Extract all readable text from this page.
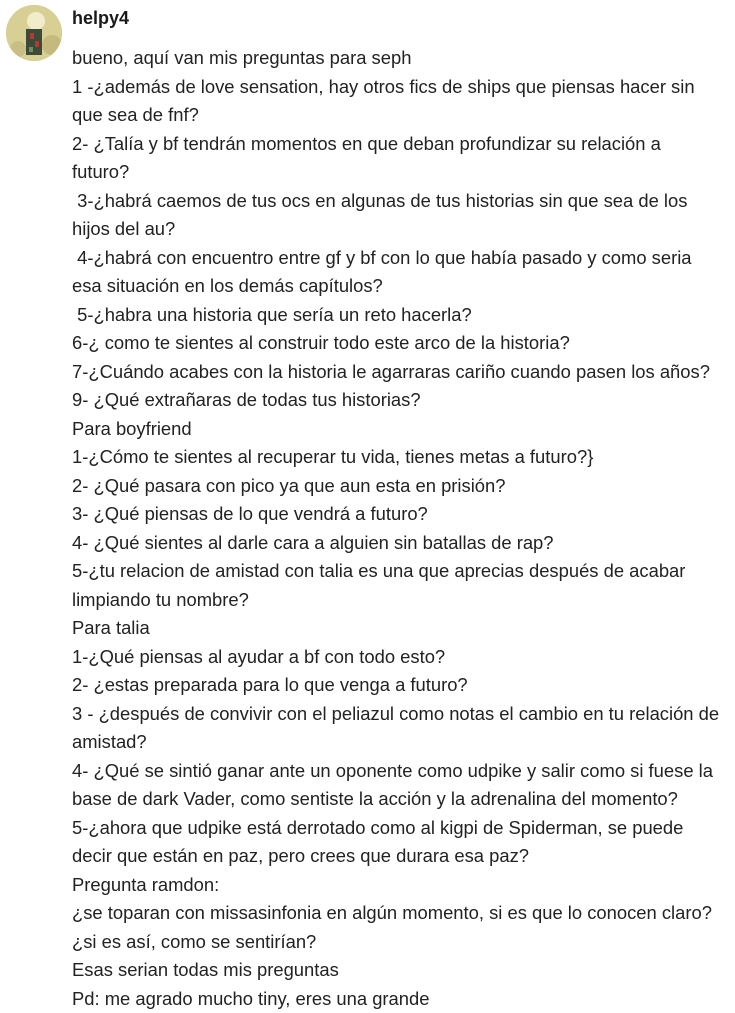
helpy4
bueno, aquí van mis preguntas para seph
1 -¿además de love sensation, hay otros fics de ships que piensas hacer sin
que sea de fnf?
2- ¿Talía y bf tendrán momentos en que deban profundizar su relación a
futuro?
3-¿habrá caemos de tus ocs en algunas de tus historias sin que sea de los
hijos del au?
4-¿habrá con encuentro entre gf y bf con lo que había pasado y como seria
esa situación en los demás capítulos?
5-¿habra una historia que sería un reto hacerla?
6-¿ como te sientes al construir todo este arco de la historia?
7-¿Cuándo acabes con la historia le agarraras cariño cuando pasen los años?
9- ¿Qué extrañaras de todas tus historias?
Para boyfriend
1-¿Cómo te sientes al recuperar tu vida, tienes metas a futuro?}
2- ¿Qué pasara con pico ya que aun esta en prisión?
3- ¿Qué piensas de lo que vendrá a futuro?
4- ¿Qué sientes al darle cara a alguien sin batallas de rap?
5-¿tu relacion de amistad con talia es una que aprecias después de acabar
limpiando tu nombre?
Para talia
1-¿Qué piensas al ayudar a bf con todo esto?
2- ¿estas preparada para lo que venga a futuro?
3 - ¿después de convivir con el peliazul como notas el cambio en tu relación de
amistad?
4- ¿Qué se sintió ganar ante un oponente como udpike y salir como si fuese la
base de dark Vader, como sentiste la acción y la adrenalina del momento?
5-¿ahora que udpike está derrotado como al kigpi de Spiderman, se puede
decir que están en paz, pero crees que durara esa paz?
Pregunta ramdon:
¿se toparan con missasinfonia en algún momento, si es que lo conocen claro?
¿si es así, como se sentirían?
Esas serian todas mis preguntas
Pd: me agrado mucho tiny, eres una grande
